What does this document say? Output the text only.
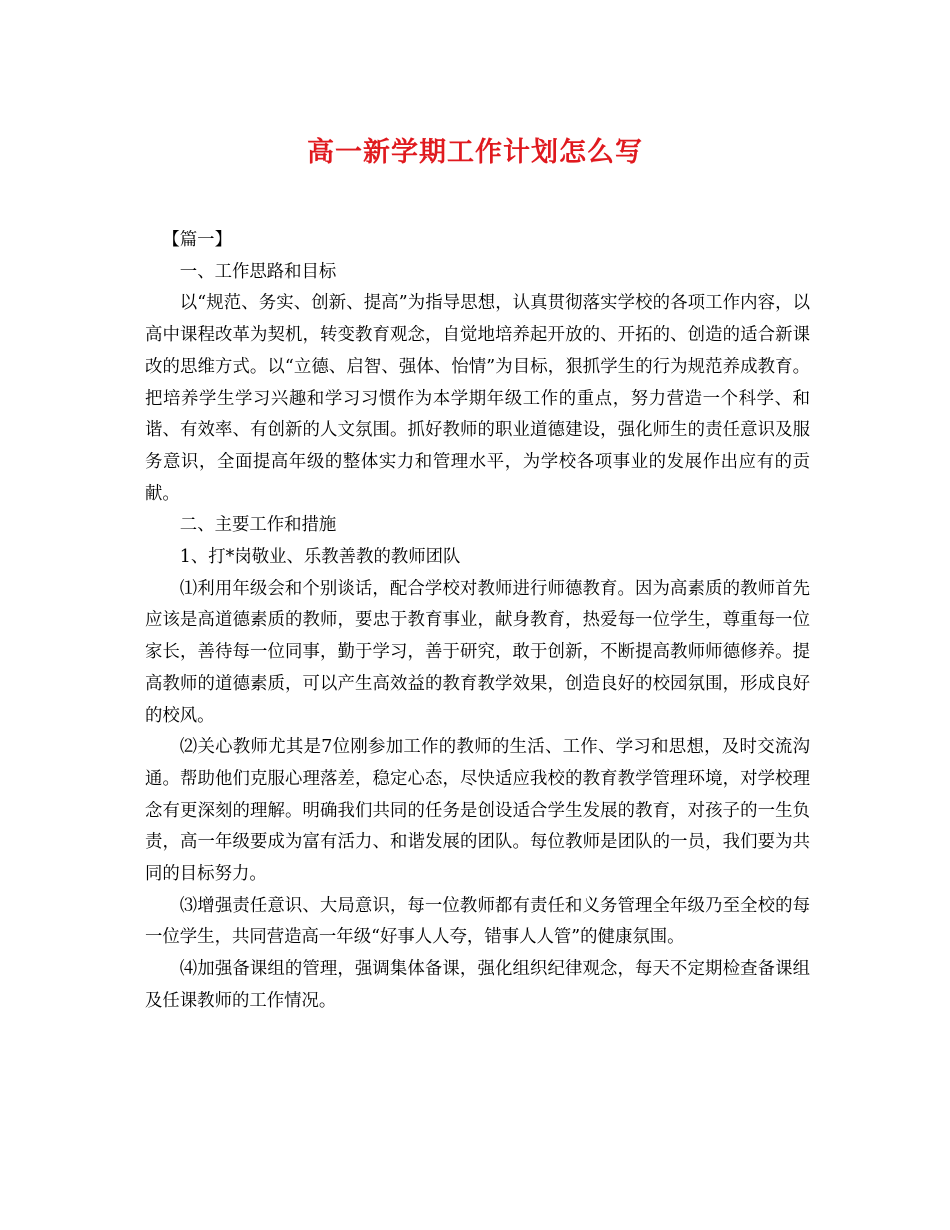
高一新学期工作计划怎么写

【篇一】

一、工作思路和目标

以“规范、务实、创新、提高”为指导思想，认真贯彻落实学校的各项工作内容，以高中课程改革为契机，转变教育观念，自觉地培养起开放的、开拓的、创造的适合新课改的思维方式。以“立德、启智、强体、怡情”为目标，狠抓学生的行为规范养成教育。把培养学生学习兴趣和学习习惯作为本学期年级工作的重点，努力营造一个科学、和谐、有效率、有创新的人文氛围。抓好教师的职业道德建设，强化师生的责任意识及服务意识，全面提高年级的整体实力和管理水平，为学校各项事业的发展作出应有的贡献。

二、主要工作和措施

1、打*岗敬业、乐教善教的教师团队

⑴利用年级会和个别谈话，配合学校对教师进行师德教育。因为高素质的教师首先应该是高道德素质的教师，要忠于教育事业，献身教育，热爱每一位学生，尊重每一位家长，善待每一位同事，勤于学习，善于研究，敢于创新，不断提高教师师德修养。提高教师的道德素质，可以产生高效益的教育教学效果，创造良好的校园氛围，形成良好的校风。

⑵关心教师尤其是7位刚参加工作的教师的生活、工作、学习和思想，及时交流沟通。帮助他们克服心理落差，稳定心态，尽快适应我校的教育教学管理环境，对学校理念有更深刻的理解。明确我们共同的任务是创设适合学生发展的教育，对孩子的一生负责，高一年级要成为富有活力、和谐发展的团队。每位教师是团队的一员，我们要为共同的目标努力。

⑶增强责任意识、大局意识，每一位教师都有责任和义务管理全年级乃至全校的每一位学生，共同营造高一年级“好事人人夸，错事人人管”的健康氛围。

⑷加强备课组的管理，强调集体备课，强化组织纪律观念，每天不定期检查备课组及任课教师的工作情况。
